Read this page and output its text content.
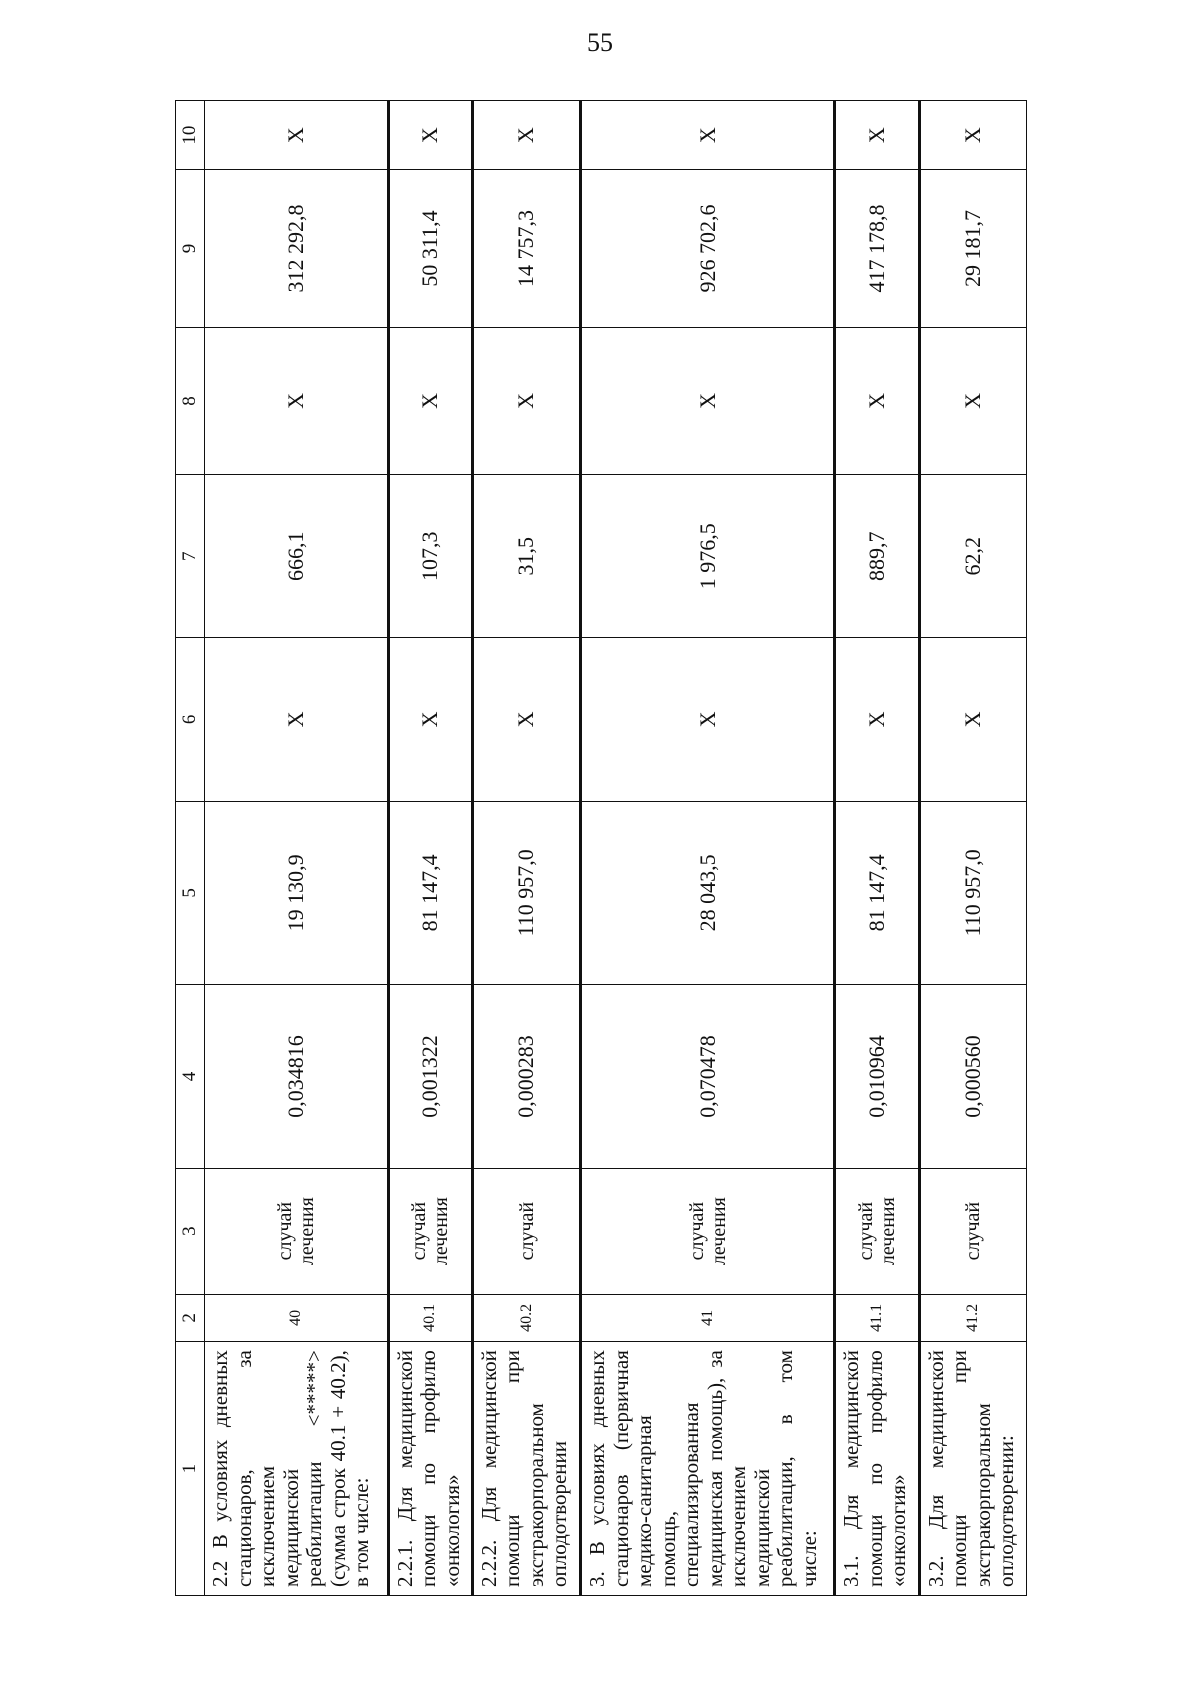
55
1	2	3	4	5	6	7	8	9	10
2.2 В условиях дневных стационаров, за исключением медицинской реабилитации <*****> (сумма строк 40.1 + 40.2), в том числе:	40	случай лечения	0,034816	19 130,9	X	666,1	X	312 292,8	X
2.2.1. Для медицинской помощи по профилю «онкология»	40.1	случай лечения	0,001322	81 147,4	X	107,3	X	50 311,4	X
2.2.2. Для медицинской помощи при экстракорпоральном оплодотворении	40.2	случай	0,000283	110 957,0	X	31,5	X	14 757,3	X
3. В условиях дневных стационаров (первичная медико-санитарная помощь, специализированная медицинская помощь), за исключением медицинской реабилитации, в том числе:	41	случай лечения	0,070478	28 043,5	X	1 976,5	X	926 702,6	X
3.1. Для медицинской помощи по профилю «онкология»	41.1	случай лечения	0,010964	81 147,4	X	889,7	X	417 178,8	X
3.2. Для медицинской помощи при экстракорпоральном оплодотворении:	41.2	случай	0,000560	110 957,0	X	62,2	X	29 181,7	X
